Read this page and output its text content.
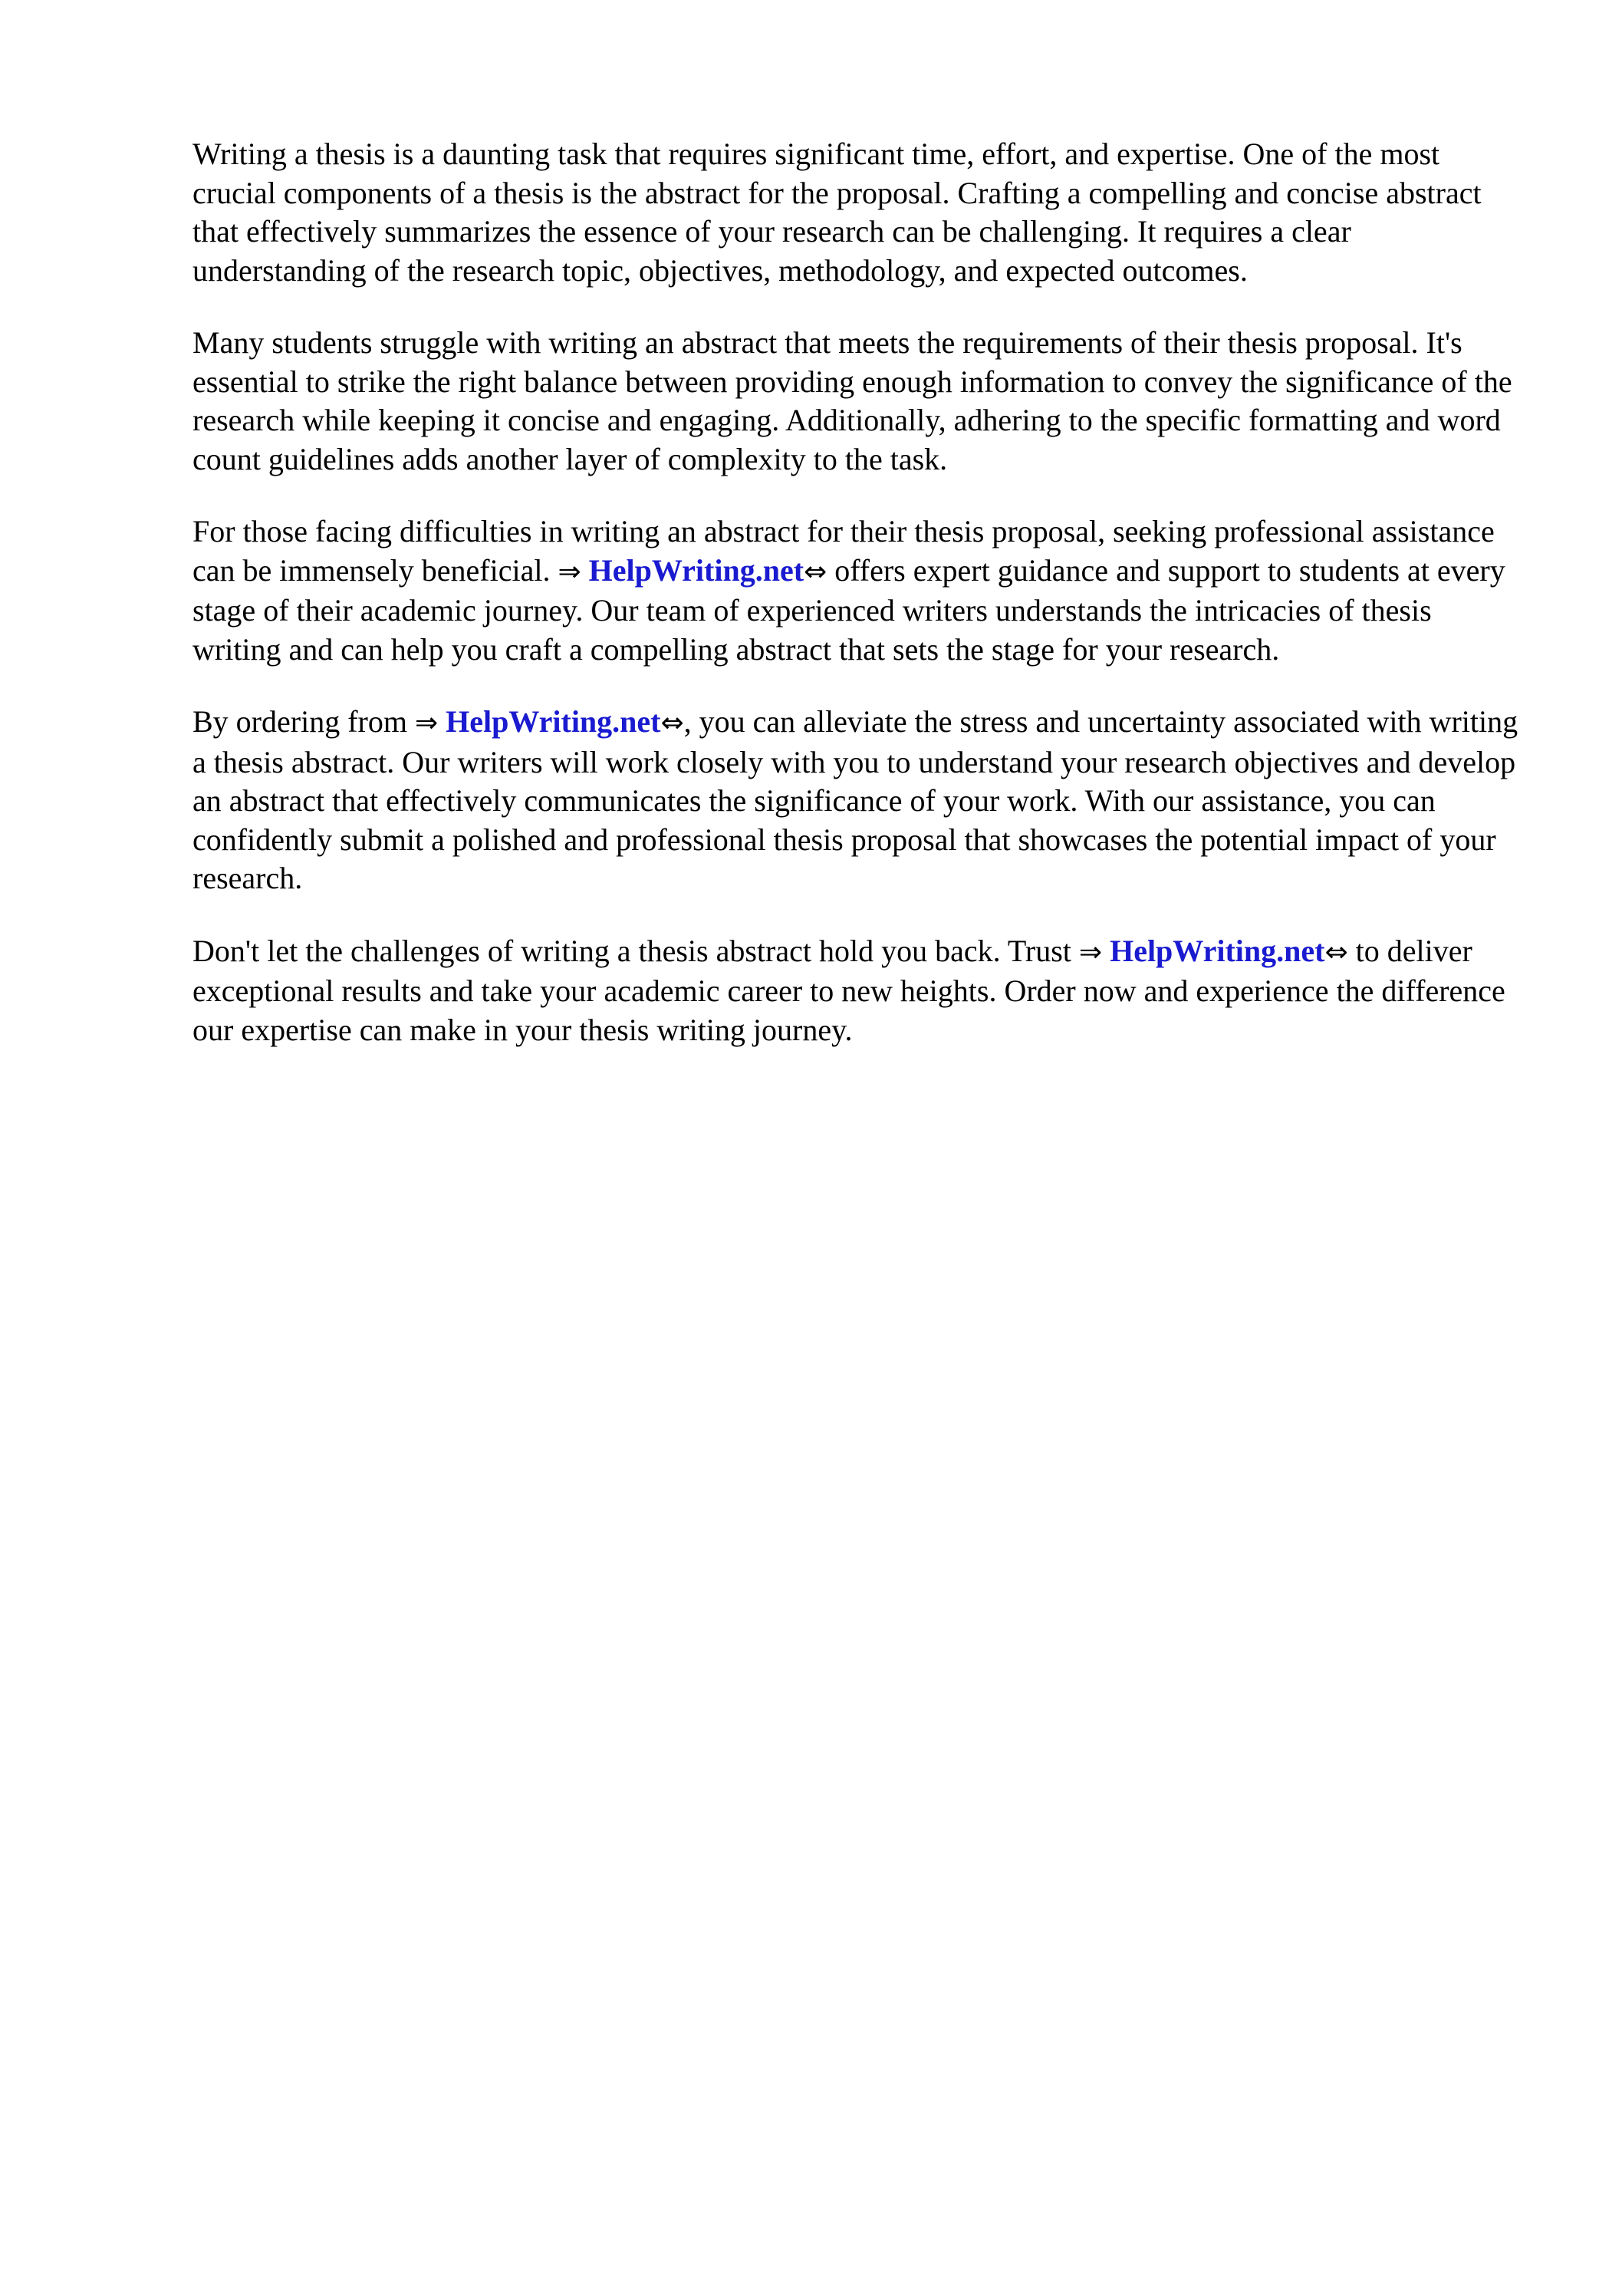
Writing a thesis is a daunting task that requires significant time, effort, and expertise. One of the most crucial components of a thesis is the abstract for the proposal. Crafting a compelling and concise abstract that effectively summarizes the essence of your research can be challenging. It requires a clear understanding of the research topic, objectives, methodology, and expected outcomes.

Many students struggle with writing an abstract that meets the requirements of their thesis proposal. It's essential to strike the right balance between providing enough information to convey the significance of the research while keeping it concise and engaging. Additionally, adhering to the specific formatting and word count guidelines adds another layer of complexity to the task.

For those facing difficulties in writing an abstract for their thesis proposal, seeking professional assistance can be immensely beneficial. ⇒ HelpWriting.net⇔ offers expert guidance and support to students at every stage of their academic journey. Our team of experienced writers understands the intricacies of thesis writing and can help you craft a compelling abstract that sets the stage for your research.

By ordering from ⇒ HelpWriting.net⇔, you can alleviate the stress and uncertainty associated with writing a thesis abstract. Our writers will work closely with you to understand your research objectives and develop an abstract that effectively communicates the significance of your work. With our assistance, you can confidently submit a polished and professional thesis proposal that showcases the potential impact of your research.

Don't let the challenges of writing a thesis abstract hold you back. Trust ⇒ HelpWriting.net⇔ to deliver exceptional results and take your academic career to new heights. Order now and experience the difference our expertise can make in your thesis writing journey.
